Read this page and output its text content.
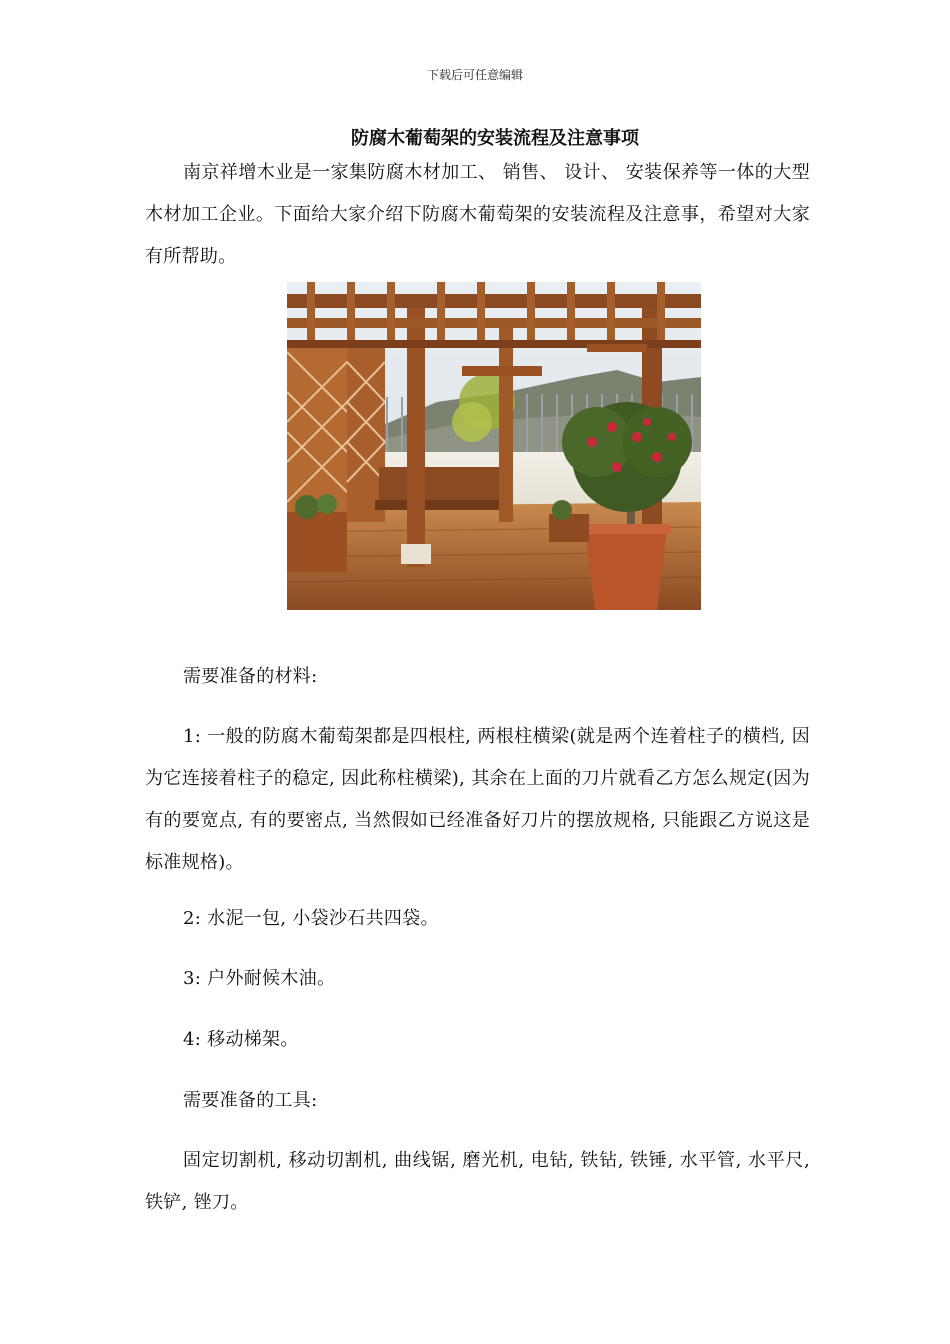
下载后可任意编辑
防腐木葡萄架的安装流程及注意事项
南京祥增木业是一家集防腐木材加工、 销售、 设计、 安装保养等一体的大型木材加工企业。下面给大家介绍下防腐木葡萄架的安装流程及注意事，希望对大家有所帮助。
需要准备的材料:
1: 一般的防腐木葡萄架都是四根柱, 两根柱横梁(就是两个连着柱子的横档, 因为它连接着柱子的稳定, 因此称柱横梁), 其余在上面的刀片就看乙方怎么规定(因为有的要宽点, 有的要密点, 当然假如已经准备好刀片的摆放规格, 只能跟乙方说这是标准规格)。
2: 水泥一包, 小袋沙石共四袋。
3: 户外耐候木油。
4: 移动梯架。
需要准备的工具:
固定切割机, 移动切割机, 曲线锯, 磨光机, 电钻, 铁钻, 铁锤, 水平管, 水平尺, 铁铲, 锉刀。
